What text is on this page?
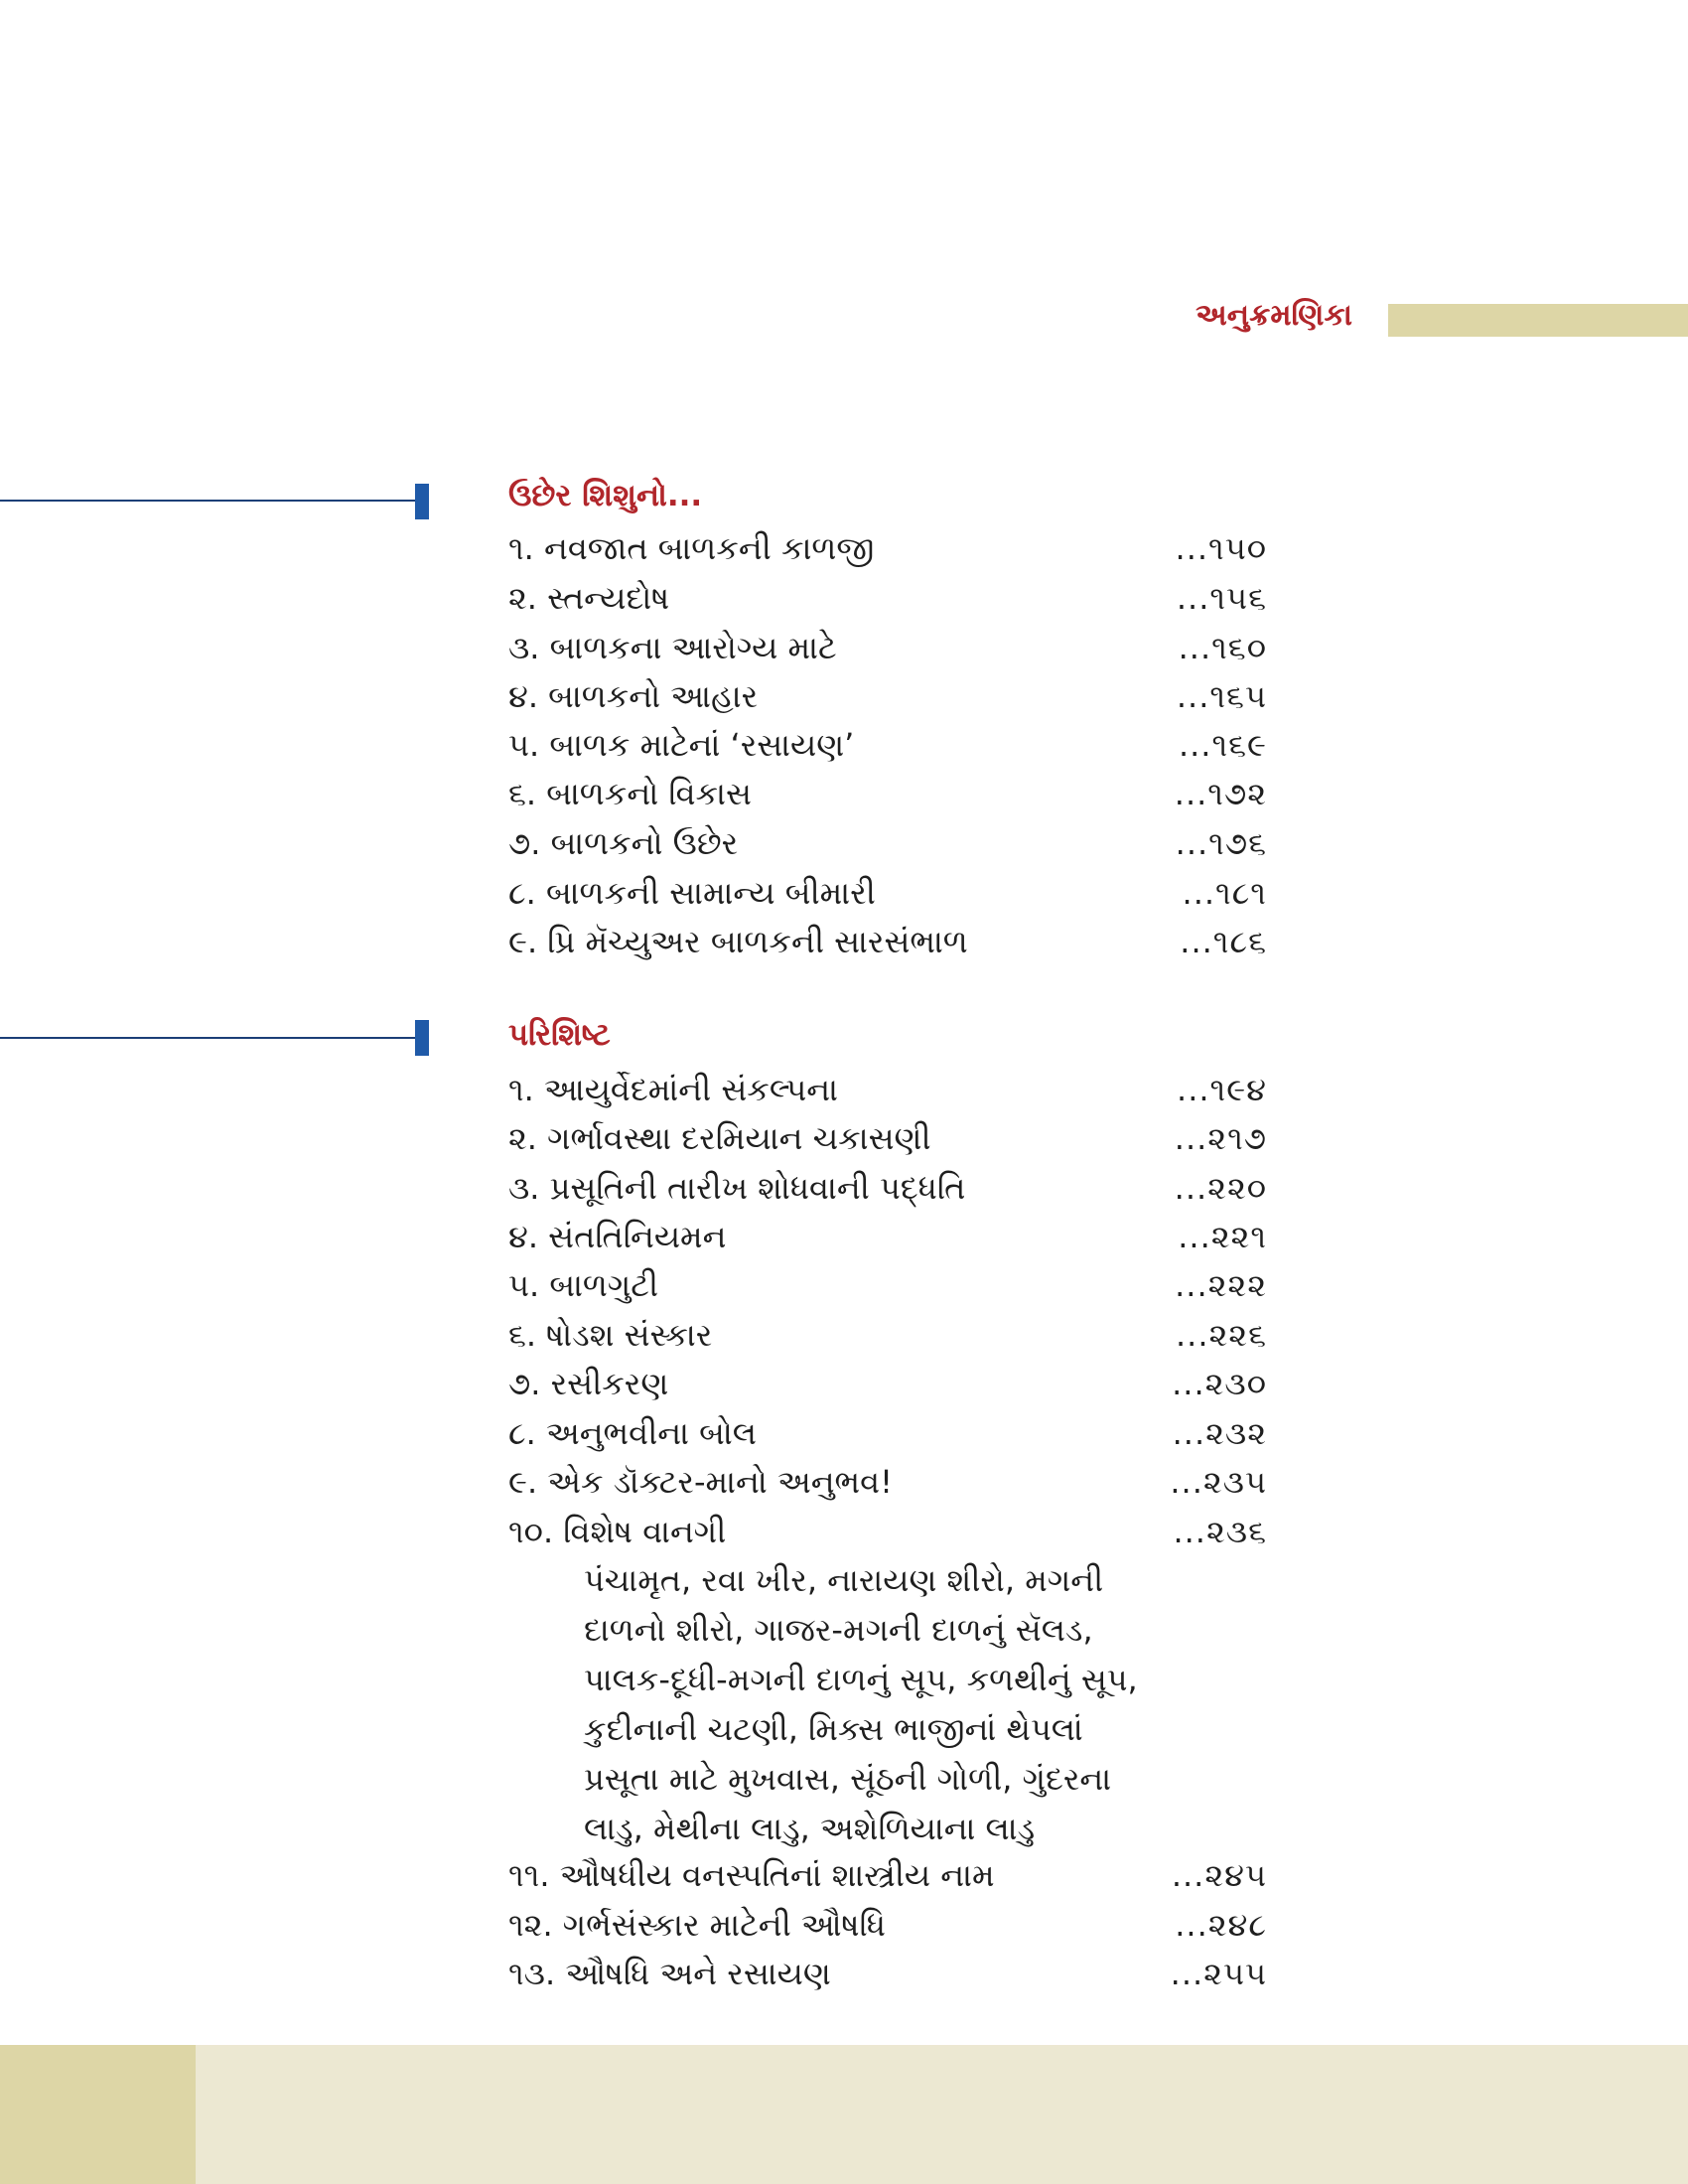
અનુક્રમણિકા
ઉછેર શિશુનો...
૧. નવજાત બાળકની કાળજી	...૧૫૦
૨. સ્તન્યદોષ	...૧૫૬
૩. બાળકના આરોગ્ય માટે	...૧૬૦
૪. બાળકનો આહાર	...૧૬૫
૫. બાળક માટેનાં ‘રસાયણ’	...૧૬૯
૬. બાળકનો વિકાસ	...૧૭૨
૭. બાળકનો ઉછેર	...૧૭૬
૮. બાળકની સામાન્ય બીમારી	...૧૮૧
૯. પ્રિ મૅચ્યુઅર બાળકની સારસંભાળ	...૧૮૬
પરિશિષ્ટ
૧. આયુર્વેદમાંની સંકલ્પના	...૧૯૪
૨. ગર્ભાવસ્થા દરમિયાન ચકાસણી	...૨૧૭
૩. પ્રસૂતિની તારીખ શોધવાની પદ્ધતિ	...૨૨૦
૪. સંતતિનિયમન	...૨૨૧
૫. બાળગુટી	...૨૨૨
૬. ષોડશ સંસ્કાર	...૨૨૬
૭. રસીકરણ	...૨૩૦
૮. અનુભવીના બોલ	...૨૩૨
૯. એક ડૉક્ટર-માનો અનુભવ!	...૨૩૫
૧૦. વિશેષ વાનગી	...૨૩૬
પંચામૃત, રવા ખીર, નારાયણ શીરો, મગની
દાળનો શીરો, ગાજર-મગની દાળનું સૅલડ,
પાલક-દૂધી-મગની દાળનું સૂપ, કળથીનું સૂપ,
કુદીનાની ચટણી, મિક્સ ભાજીનાં થેપલાં
પ્રસૂતા માટે મુખવાસ, સૂંઠની ગોળી, ગુંદરના
લાડુ, મેથીના લાડુ, અશેળિયાના લાડુ
૧૧. ઔષધીય વનસ્પતિનાં શાસ્ત્રીય નામ	...૨૪૫
૧૨. ગર્ભસંસ્કાર માટેની ઔષધિ	...૨૪૮
૧૩. ઔષધિ અને રસાયણ	...૨૫૫
